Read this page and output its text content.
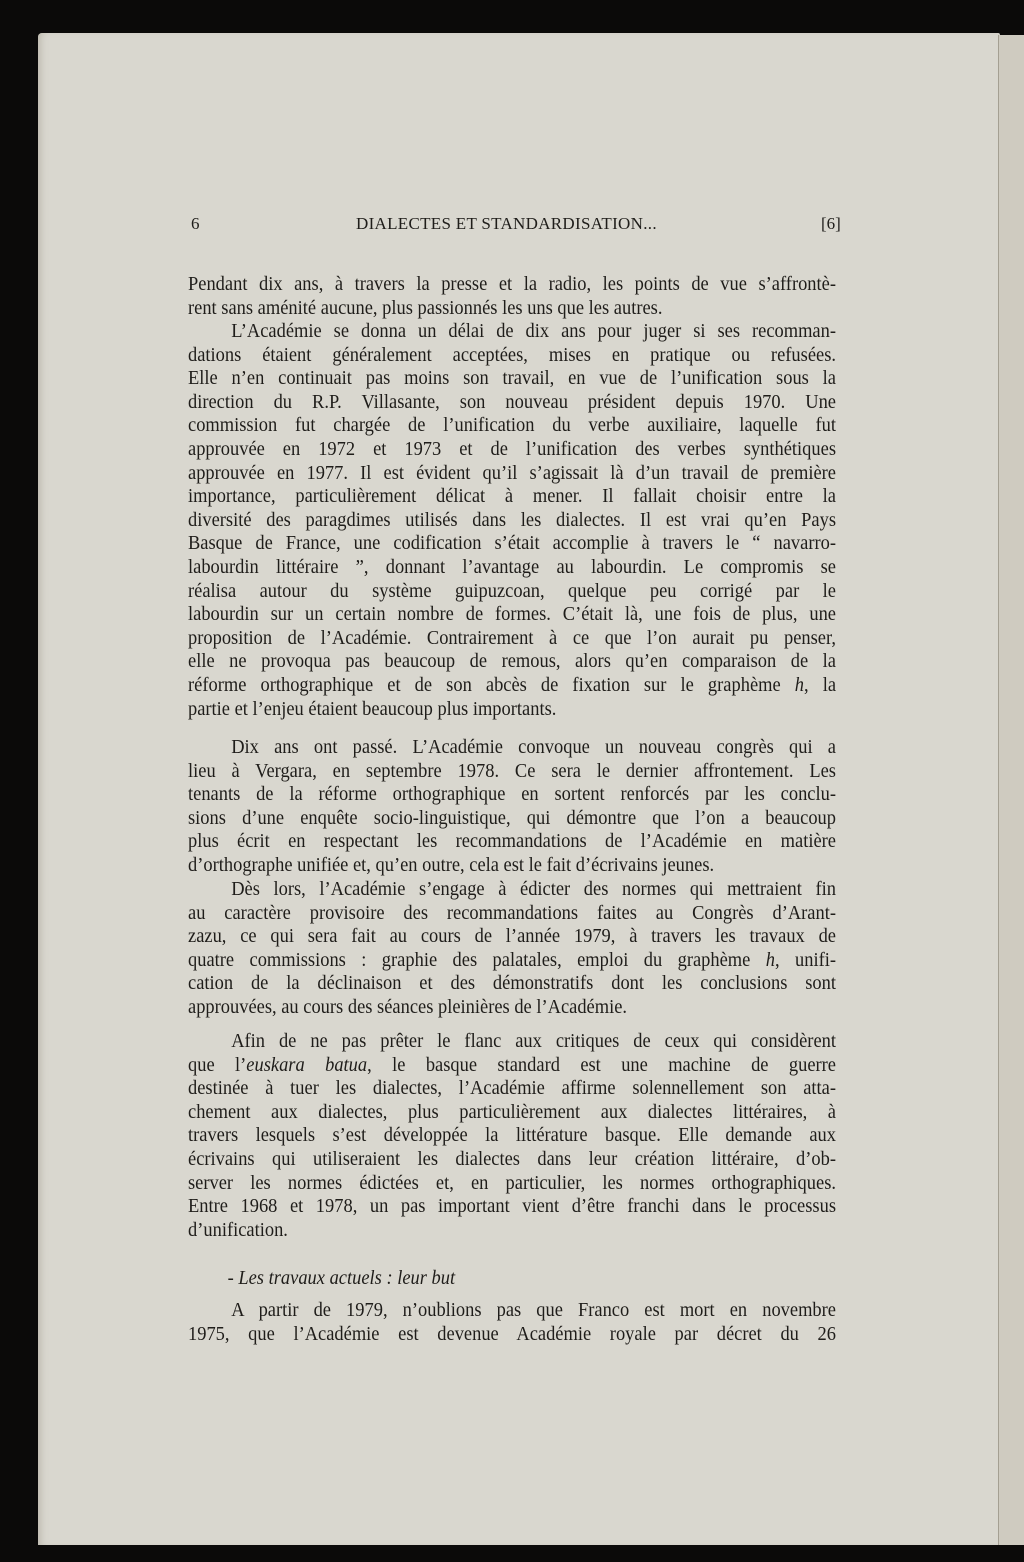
6	DIALECTES ET STANDARDISATION...	[6]
Pendant dix ans, à travers la presse et la radio, les points de vue s’affrontè-
rent sans aménité aucune, plus passionnés les uns que les autres.
L’Académie se donna un délai de dix ans pour juger si ses recomman-
dations étaient généralement acceptées, mises en pratique ou refusées.
Elle n’en continuait pas moins son travail, en vue de l’unification sous la
direction du R.P. Villasante, son nouveau président depuis 1970. Une
commission fut chargée de l’unification du verbe auxiliaire, laquelle fut
approuvée en 1972 et 1973 et de l’unification des verbes synthétiques
approuvée en 1977. Il est évident qu’il s’agissait là d’un travail de première
importance, particulièrement délicat à mener. Il fallait choisir entre la
diversité des paragdimes utilisés dans les dialectes. Il est vrai qu’en Pays
Basque de France, une codification s’était accomplie à travers le “ navarro-
labourdin littéraire ”, donnant l’avantage au labourdin. Le compromis se
réalisa autour du système guipuzcoan, quelque peu corrigé par le
labourdin sur un certain nombre de formes. C’était là, une fois de plus, une
proposition de l’Académie. Contrairement à ce que l’on aurait pu penser,
elle ne provoqua pas beaucoup de remous, alors qu’en comparaison de la
réforme orthographique et de son abcès de fixation sur le graphème h, la
partie et l’enjeu étaient beaucoup plus importants.
Dix ans ont passé. L’Académie convoque un nouveau congrès qui a
lieu à Vergara, en septembre 1978. Ce sera le dernier affrontement. Les
tenants de la réforme orthographique en sortent renforcés par les conclu-
sions d’une enquête socio-linguistique, qui démontre que l’on a beaucoup
plus écrit en respectant les recommandations de l’Académie en matière
d’orthographe unifiée et, qu’en outre, cela est le fait d’écrivains jeunes.
Dès lors, l’Académie s’engage à édicter des normes qui mettraient fin
au caractère provisoire des recommandations faites au Congrès d’Arant-
zazu, ce qui sera fait au cours de l’année 1979, à travers les travaux de
quatre commissions : graphie des palatales, emploi du graphème h, unifi-
cation de la déclinaison et des démonstratifs dont les conclusions sont
approuvées, au cours des séances pleinières de l’Académie.
Afin de ne pas prêter le flanc aux critiques de ceux qui considèrent
que l’euskara batua, le basque standard est une machine de guerre
destinée à tuer les dialectes, l’Académie affirme solennellement son atta-
chement aux dialectes, plus particulièrement aux dialectes littéraires, à
travers lesquels s’est développée la littérature basque. Elle demande aux
écrivains qui utiliseraient les dialectes dans leur création littéraire, d’ob-
server les normes édictées et, en particulier, les normes orthographiques.
Entre 1968 et 1978, un pas important vient d’être franchi dans le processus
d’unification.
A partir de 1979, n’oublions pas que Franco est mort en novembre
1975, que l’Académie est devenue Académie royale par décret du 26
- Les travaux actuels : leur but
